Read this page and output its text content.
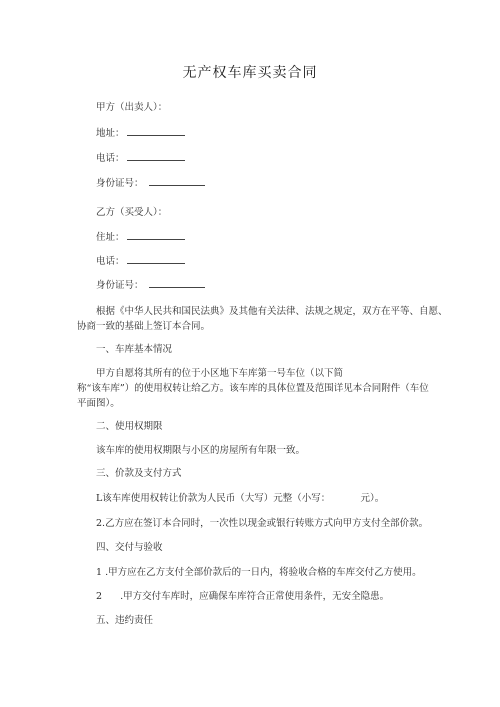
无产权车库买卖合同
甲方（出卖人）：
地址：
电话：
身份证号：
乙方（买受人）：
住址：
电话：
身份证号：
根据《中华人民共和国民法典》及其他有关法律、法规之规定，双方在平等、自愿、
协商一致的基础上签订本合同。
一、车库基本情况
甲方自愿将其所有的位于小区地下车库第一号车位（以下简
称“该车库”）的使用权转让给乙方。该车库的具体位置及范围详见本合同附件（车位
平面图）。
二、使用权期限
该车库的使用权期限与小区的房屋所有年限一致。
三、价款及支付方式
L该车库使用权转让价款为人民币（大写）元整（小写：          元）。
2.乙方应在签订本合同时，一次性以现金或银行转账方式向甲方支付全部价款。
四、交付与验收
1 .甲方应在乙方支付全部价款后的一日内，将验收合格的车库交付乙方使用。
2      .甲方交付车库时，应确保车库符合正常使用条件，无安全隐患。
五、违约责任
